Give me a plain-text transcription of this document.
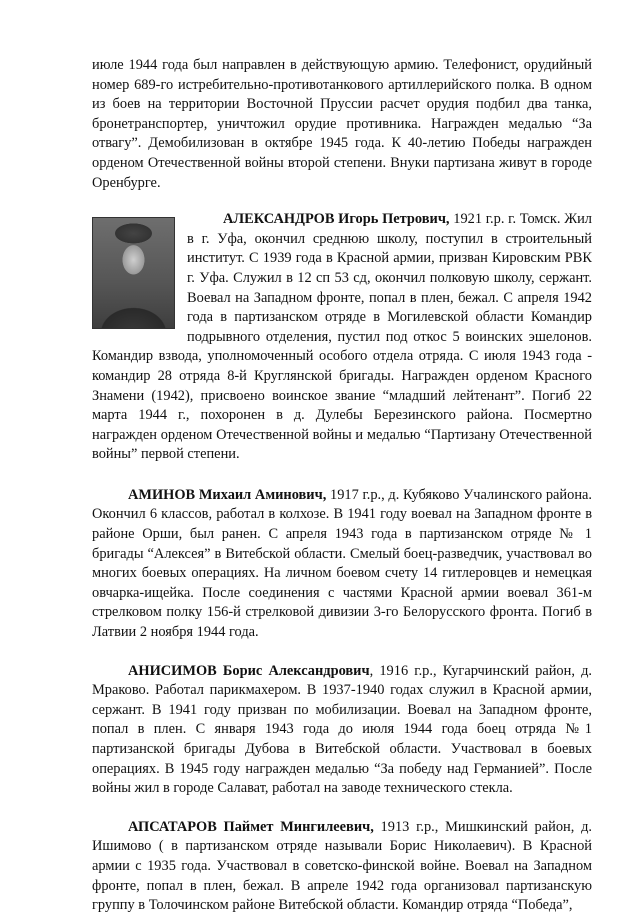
июле 1944 года был направлен в действующую армию. Телефонист, орудийный номер 689-го истребительно-противотанкового артиллерийского полка. В одном из боев на территории Восточной Пруссии расчет орудия подбил два танка, бронетранспортер, уничтожил орудие противника. Награжден медалью “За отвагу”. Демобилизован в октябре 1945 года. К 40-летию Победы награжден орденом Отечественной войны второй степени. Внуки партизана живут в городе Оренбурге.

АЛЕКСАНДРОВ Игорь Петрович,
1921 г.р. г. Томск. Жил в г. Уфа, окончил среднюю школу, поступил в строительный институт. С 1939 года в Красной армии, призван Кировским РВК г. Уфа. Служил в 12 сп 53 сд, окончил полковую школу, сержант. Воевал на Западном фронте, попал в плен, бежал. С апреля 1942 года в партизанском отряде в Могилевской области Командир подрывного отделения, пустил под откос 5 воинских эшелонов. Командир взвода, уполномоченный особого отдела отряда. С июля 1943 года - командир 28 отряда 8-й Круглянской бригады. Награжден орденом Красного Знамени (1942), присвоено воинское звание “младший лейтенант”. Погиб 22 марта 1944 г., похоронен в д. Дулебы Березинского района. Посмертно награжден орденом Отечественной войны и медалью “Партизану Отечественной войны” первой степени.

АМИНОВ Михаил Аминович, 1917 г.р., д. Кубяково Учалинского района. Окончил 6 классов, работал в колхозе. В 1941 году воевал на Западном фронте в районе Орши, был ранен. С апреля 1943 года в партизанском отряде № 1 бригады “Алексея” в Витебской области. Смелый боец-разведчик, участвовал во многих боевых операциях. На личном боевом счету 14 гитлеровцев и немецкая овчарка-ищейка. После соединения с частями Красной армии воевал 361-м стрелковом полку 156-й стрелковой дивизии 3-го Белорусского фронта. Погиб в Латвии 2 ноября 1944 года.

АНИСИМОВ Борис Александрович, 1916 г.р., Кугарчинский район, д. Мраково. Работал парикмахером. В 1937-1940 годах служил в Красной армии, сержант. В 1941 году призван по мобилизации. Воевал на Западном фронте, попал в плен. С января 1943 года до июля 1944 года боец отряда №1 партизанской бригады Дубова в Витебской области. Участвовал в боевых операциях. В 1945 году награжден медалью “За победу над Германией”. После войны жил в городе Салават, работал на заводе технического стекла.

АПСАТАРОВ Паймет Мингилеевич, 1913 г.р., Мишкинский район, д. Ишимово ( в партизанском отряде называли Борис Николаевич). В Красной армии с 1935 года. Участвовал в советско-финской войне. Воевал на Западном фронте, попал в плен, бежал. В апреле 1942 года организовал партизанскую группу в Толочинском районе Витебской области. Командир отряда “Победа”,
